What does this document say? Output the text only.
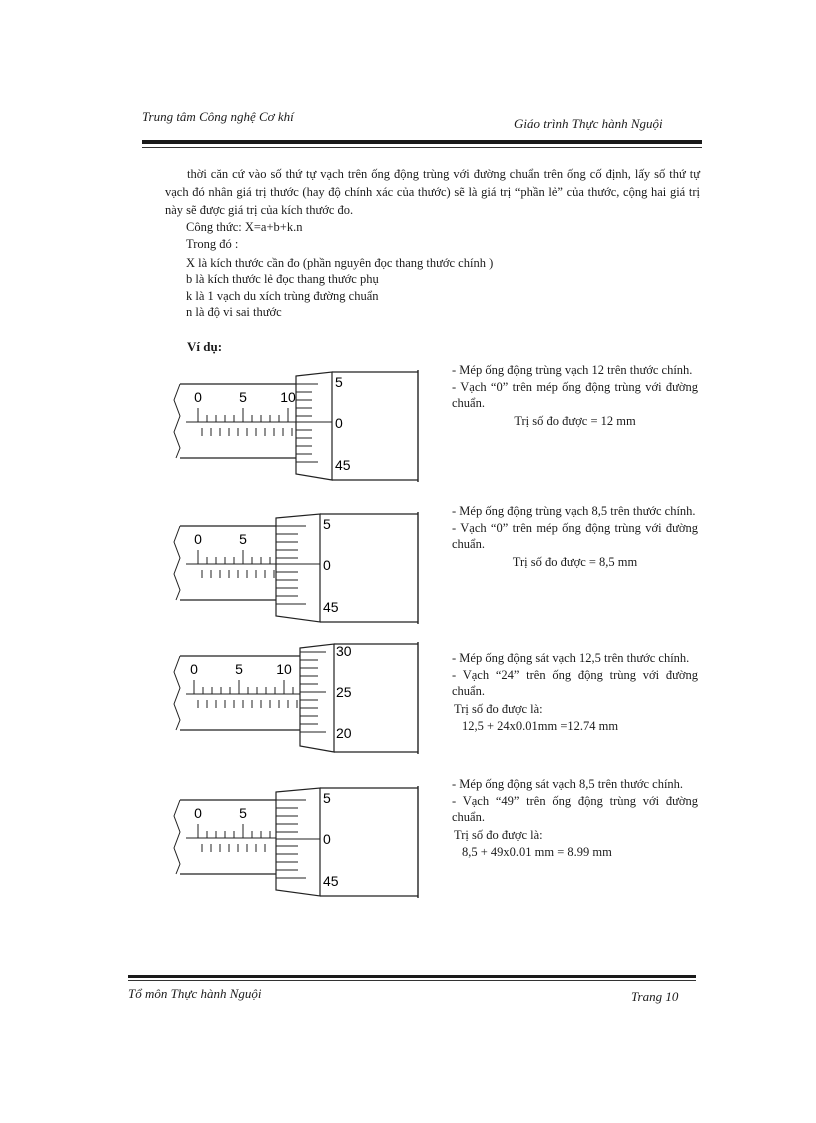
Trung tâm Công nghệ Cơ khí	Giáo trình Thực hành Nguội
thời căn cứ vào số thứ tự vạch trên ống động trùng với đường chuẩn trên ống cố định, lấy số thứ tự vạch đó nhân giá trị thước (hay độ chính xác của thước) sẽ là giá trị “phần lẻ” của thước, cộng hai giá trị này sẽ được giá trị của kích thước đo.
Công thức: X=a+b+k.n
Trong đó :
X là kích thước cần đo (phần nguyên đọc thang thước chính )
b là kích thước lẻ đọc thang thước phụ
k là 1 vạch du xích trùng đường chuẩn
n là độ vi sai thước
Ví dụ:
0	5 10
5
0
45
- Mép ống động trùng vạch 12 trên thước chính.
- Vạch “0” trên mép ống động trùng với đường chuẩn.
Trị số đo được = 12 mm
0	5
5
0
45
- Mép ống động trùng vạch 8,5 trên thước chính.
- Vạch “0” trên mép ống động trùng với đường chuẩn.
Trị số đo được = 8,5 mm
0	5 10
30
25
20
- Mép ống động sát vạch 12,5 trên thước chính.
- Vạch “24” trên ống động trùng với đường chuẩn.
Trị số đo được là:
12,5 + 24x0.01mm =12.74 mm
0	5
5
0
45
- Mép ống động sát vạch 8,5 trên thước chính.
- Vạch “49” trên ống động trùng với đường chuẩn.
Trị số đo được là:
8,5 + 49x0.01 mm = 8.99 mm
Tổ môn Thực hành Nguội	Trang 10
